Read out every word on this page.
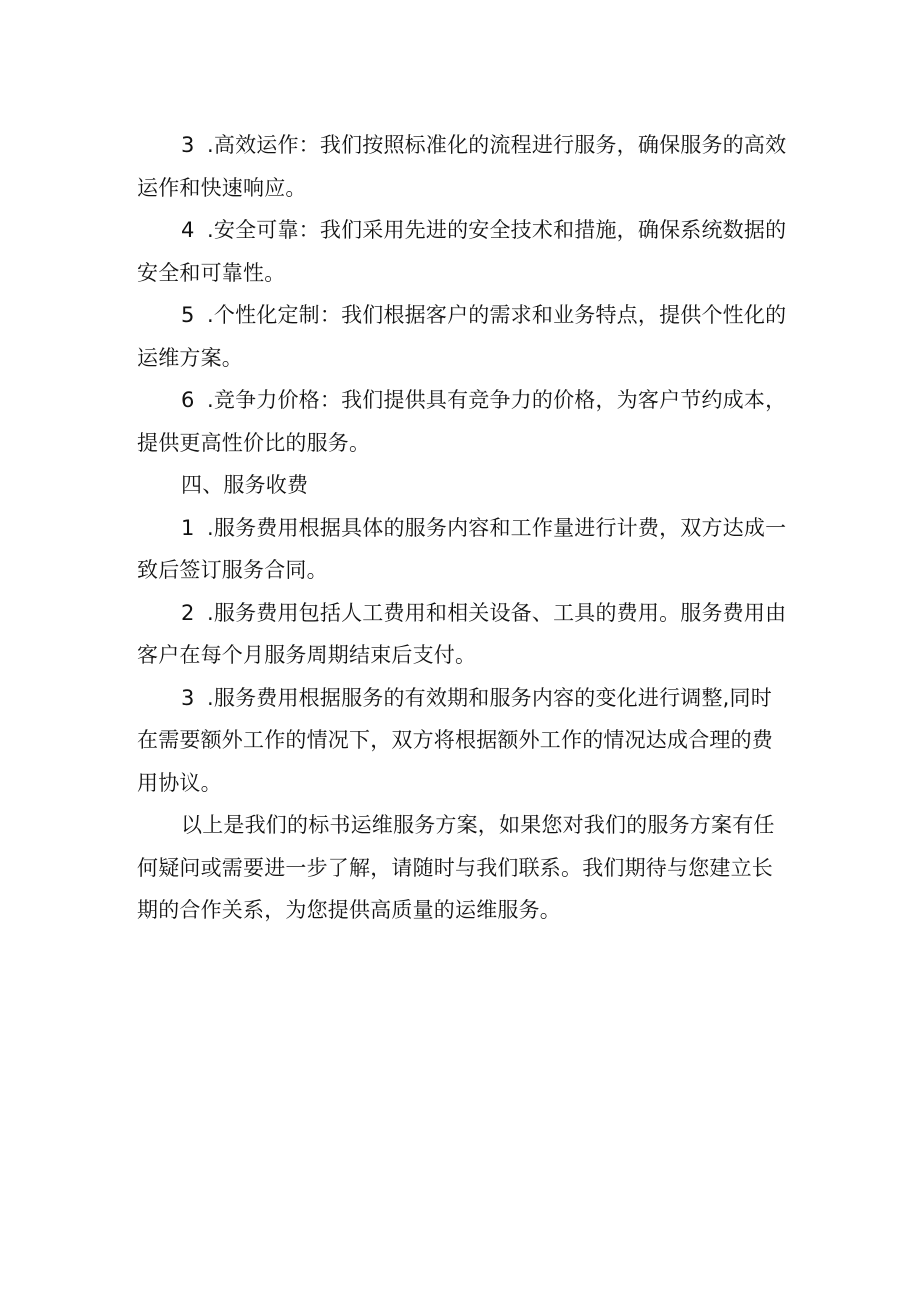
3 .高效运作：我们按照标准化的流程进行服务，确保服务的高效运作和快速响应。

4 .安全可靠：我们采用先进的安全技术和措施，确保系统数据的安全和可靠性。

5 .个性化定制：我们根据客户的需求和业务特点，提供个性化的运维方案。

6 .竞争力价格：我们提供具有竞争力的价格，为客户节约成本，提供更高性价比的服务。

四、服务收费

1 .服务费用根据具体的服务内容和工作量进行计费，双方达成一致后签订服务合同。

2 .服务费用包括人工费用和相关设备、工具的费用。服务费用由客户在每个月服务周期结束后支付。

3 .服务费用根据服务的有效期和服务内容的变化进行调整,同时在需要额外工作的情况下，双方将根据额外工作的情况达成合理的费用协议。

以上是我们的标书运维服务方案，如果您对我们的服务方案有任何疑问或需要进一步了解，请随时与我们联系。我们期待与您建立长期的合作关系，为您提供高质量的运维服务。
